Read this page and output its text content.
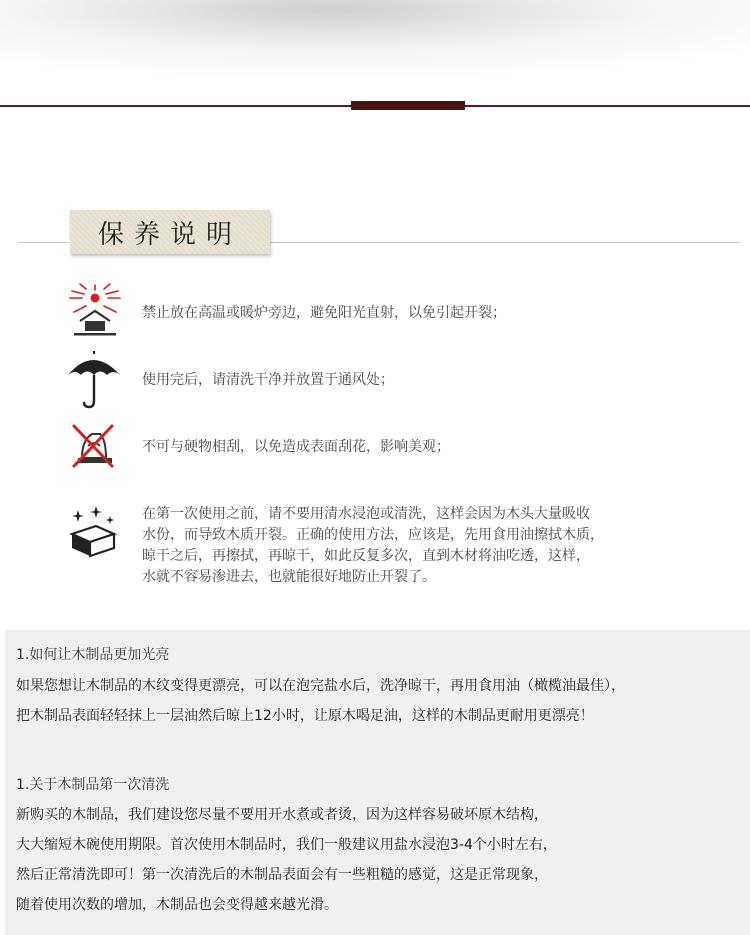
保养说明
禁止放在高温或暖炉旁边，避免阳光直射，以免引起开裂；
使用完后，请清洗干净并放置于通风处；
不可与硬物相刮，以免造成表面刮花，影响美观；
在第一次使用之前，请不要用清水浸泡或清洗，这样会因为木头大量吸收
水份，而导致木质开裂。正确的使用方法，应该是，先用食用油擦拭木质，
晾干之后，再擦拭，再晾干，如此反复多次，直到木材将油吃透，这样，
水就不容易渗进去，也就能很好地防止开裂了。
1.如何让木制品更加光亮
如果您想让木制品的木纹变得更漂亮，可以在泡完盐水后，洗净晾干，再用食用油（橄榄油最佳），
把木制品表面轻轻抹上一层油然后晾上12小时，让原木喝足油，这样的木制品更耐用更漂亮！
1.关于木制品第一次清洗
新购买的木制品，我们建设您尽量不要用开水煮或者烫，因为这样容易破坏原木结构，
大大缩短木碗使用期限。首次使用木制品时，我们一般建议用盐水浸泡3-4个小时左右，
然后正常清洗即可！第一次清洗后的木制品表面会有一些粗糙的感觉，这是正常现象，
随着使用次数的增加，木制品也会变得越来越光滑。
